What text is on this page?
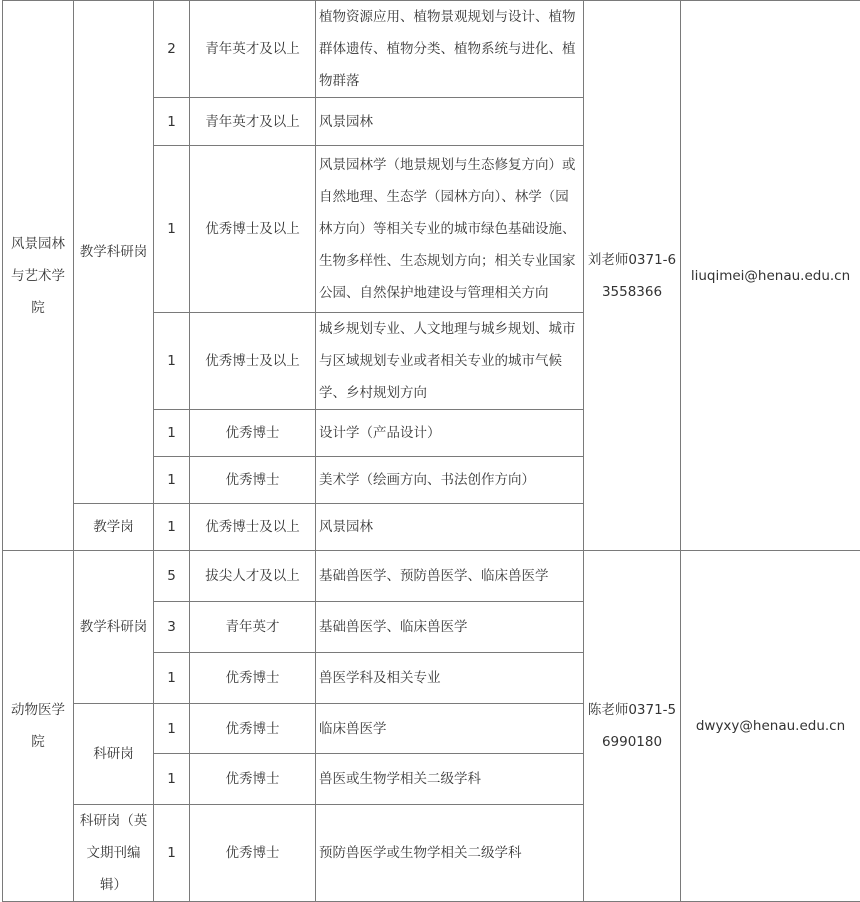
风景园林与艺术学院	教学科研岗	2	青年英才及以上	植物资源应用、植物景观规划与设计、植物群体遗传、植物分类、植物系统与进化、植物群落	刘老师0371-63558366	liuqimei@henau.edu.cn
		1	青年英才及以上	风景园林		
		1	优秀博士及以上	风景园林学（地景规划与生态修复方向）或自然地理、生态学（园林方向）、林学（园林方向）等相关专业的城市绿色基础设施、生物多样性、生态规划方向；相关专业国家公园、自然保护地建设与管理相关方向		
		1	优秀博士及以上	城乡规划专业、人文地理与城乡规划、城市与区域规划专业或者相关专业的城市气候学、乡村规划方向		
		1	优秀博士	设计学（产品设计）		
		1	优秀博士	美术学（绘画方向、书法创作方向）		
	教学岗	1	优秀博士及以上	风景园林		
动物医学院	教学科研岗	5	拔尖人才及以上	基础兽医学、预防兽医学、临床兽医学	陈老师0371-56990180	dwyxy@henau.edu.cn
		3	青年英才	基础兽医学、临床兽医学		
		1	优秀博士	兽医学科及相关专业		
	科研岗	1	优秀博士	临床兽医学		
		1	优秀博士	兽医或生物学相关二级学科		
	科研岗（英文期刊编辑）	1	优秀博士	预防兽医学或生物学相关二级学科		
